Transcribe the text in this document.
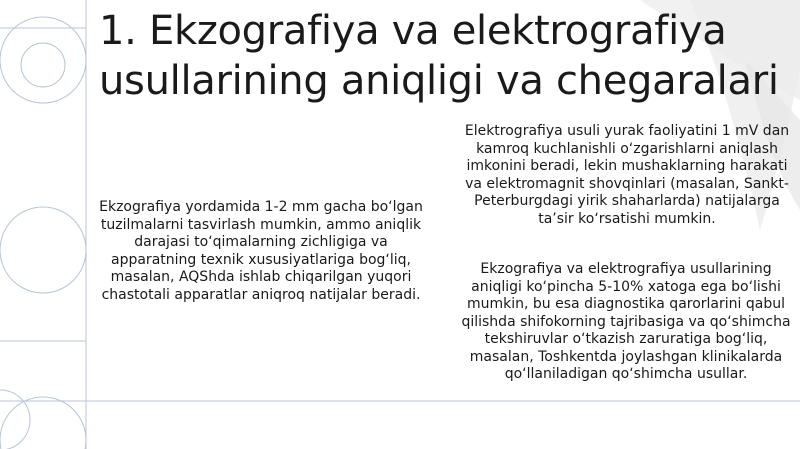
1. Ekzografiya va elektrografiya usullarining aniqligi va chegaralari

Ekzografiya yordamida 1-2 mm gacha bo‘lgan tuzilmalarni tasvirlash mumkin, ammo aniqlik darajasi to‘qimalarning zichligiga va apparatning texnik xususiyatlariga bog‘liq, masalan, AQShda ishlab chiqarilgan yuqori chastotali apparatlar aniqroq natijalar beradi.

Elektrografiya usuli yurak faoliyatini 1 mV dan kamroq kuchlanishli o‘zgarishlarni aniqlash imkonini beradi, lekin mushaklarning harakati va elektromagnit shovqinlari (masalan, Sankt-Peterburgdagi yirik shaharlarda) natijalarga ta’sir ko‘rsatishi mumkin.

Ekzografiya va elektrografiya usullarining aniqligi ko‘pincha 5-10% xatoga ega bo‘lishi mumkin, bu esa diagnostika qarorlarini qabul qilishda shifokorning tajribasiga va qo‘shimcha tekshiruvlar o‘tkazish zaruratiga bog‘liq, masalan, Toshkentda joylashgan klinikalarda qo‘llaniladigan qo‘shimcha usullar.
